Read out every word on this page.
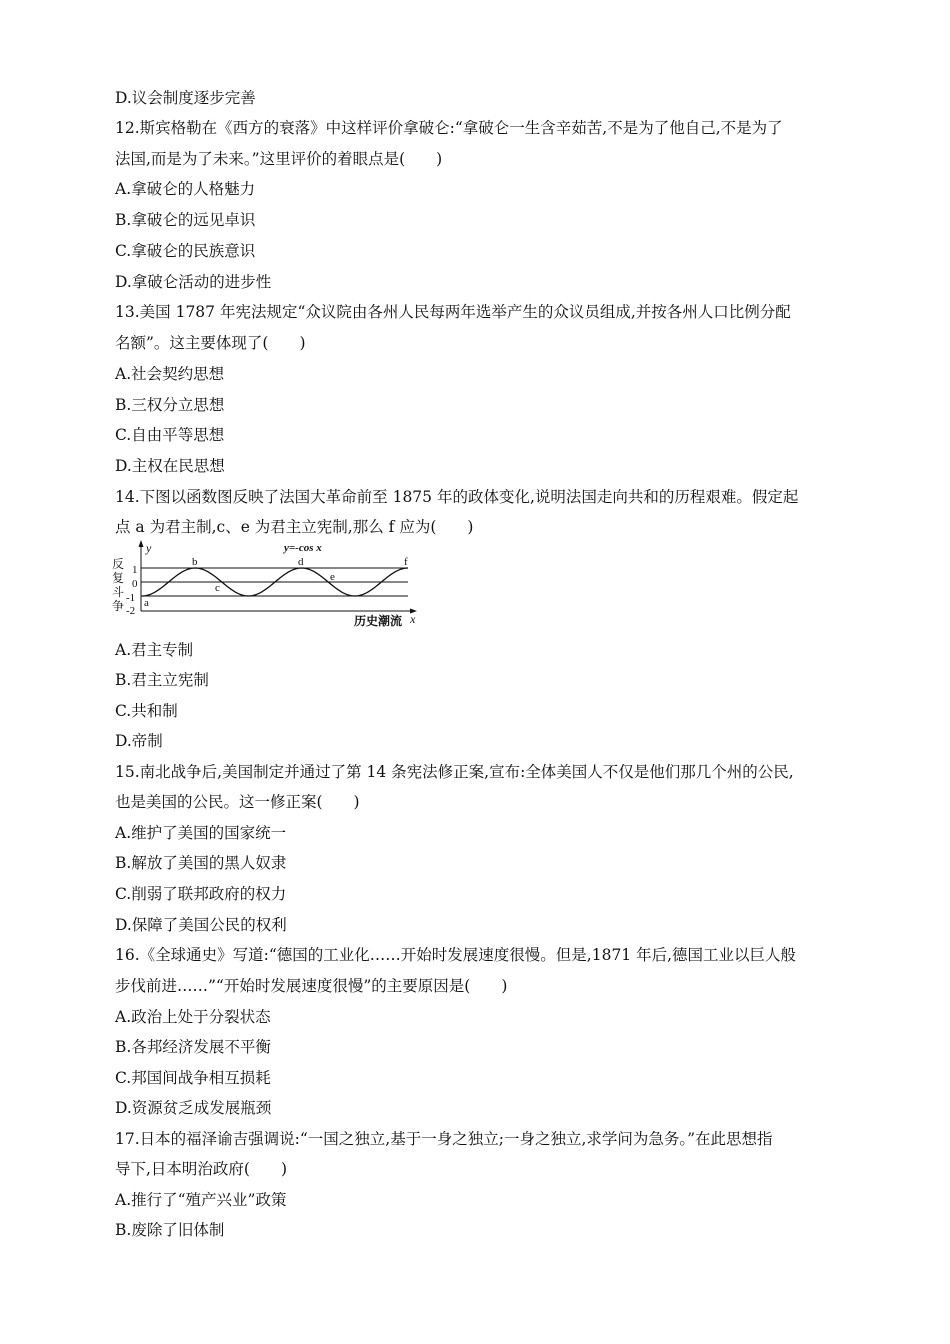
D.议会制度逐步完善
12.斯宾格勒在《西方的衰落》中这样评价拿破仑:“拿破仑一生含辛茹苦,不是为了他自己,不是为了
法国,而是为了未来。”这里评价的着眼点是(　　)
A.拿破仑的人格魅力
B.拿破仑的远见卓识
C.拿破仑的民族意识
D.拿破仑活动的进步性
13.美国 1787 年宪法规定“众议院由各州人民每两年选举产生的众议员组成,并按各州人口比例分配
名额”。这主要体现了(　　)
A.社会契约思想
B.三权分立思想
C.自由平等思想
D.主权在民思想
14.下图以函数图反映了法国大革命前至 1875 年的政体变化,说明法国走向共和的历程艰难。假定起
点 a 为君主制,c、e 为君主立宪制,那么 f 应为(　　)
反
复
斗
争
1
0
-1
-2
y	y=-cos x
历史潮流 x
a
b
c
d
e
f
A.君主专制
B.君主立宪制
C.共和制
D.帝制
15.南北战争后,美国制定并通过了第 14 条宪法修正案,宣布:全体美国人不仅是他们那几个州的公民,
也是美国的公民。这一修正案(　　)
A.维护了美国的国家统一
B.解放了美国的黑人奴隶
C.削弱了联邦政府的权力
D.保障了美国公民的权利
16.《全球通史》写道:“德国的工业化……开始时发展速度很慢。但是,1871 年后,德国工业以巨人般
步伐前进……”“开始时发展速度很慢”的主要原因是(　　)
A.政治上处于分裂状态
B.各邦经济发展不平衡
C.邦国间战争相互损耗
D.资源贫乏成发展瓶颈
17.日本的福泽谕吉强调说:“一国之独立,基于一身之独立;一身之独立,求学问为急务。”在此思想指
导下,日本明治政府(　　)
A.推行了“殖产兴业”政策
B.废除了旧体制
